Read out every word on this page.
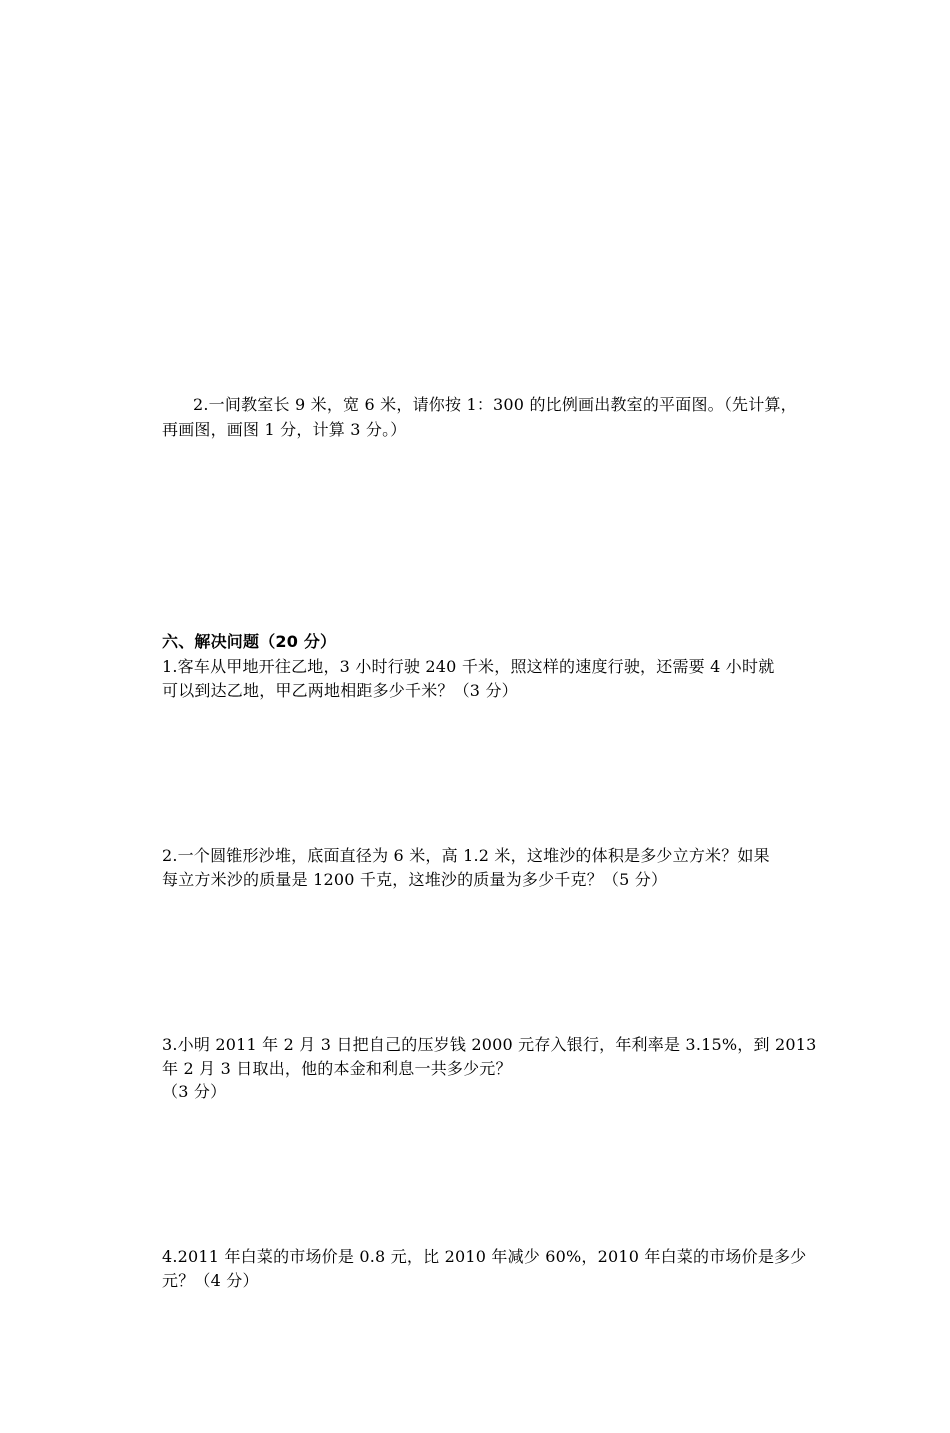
2.一间教室长 9 米，宽 6 米，请你按 1：300 的比例画出教室的平面图。（先计算，
再画图，画图 1 分，计算 3 分。）
六、解决问题（20 分）
1.客车从甲地开往乙地，3 小时行驶 240 千米，照这样的速度行驶，还需要 4 小时就
可以到达乙地，甲乙两地相距多少千米？（3 分）
2.一个圆锥形沙堆，底面直径为 6 米，高 1.2 米，这堆沙的体积是多少立方米？如果
每立方米沙的质量是 1200 千克，这堆沙的质量为多少千克？（5 分）
3.小明 2011 年 2 月 3 日把自己的压岁钱 2000 元存入银行，年利率是 3.15%，到 2013
年 2 月 3 日取出，他的本金和利息一共多少元？
（3 分）
4.2011 年白菜的市场价是 0.8 元，比 2010 年减少 60%，2010 年白菜的市场价是多少
元？（4 分）
